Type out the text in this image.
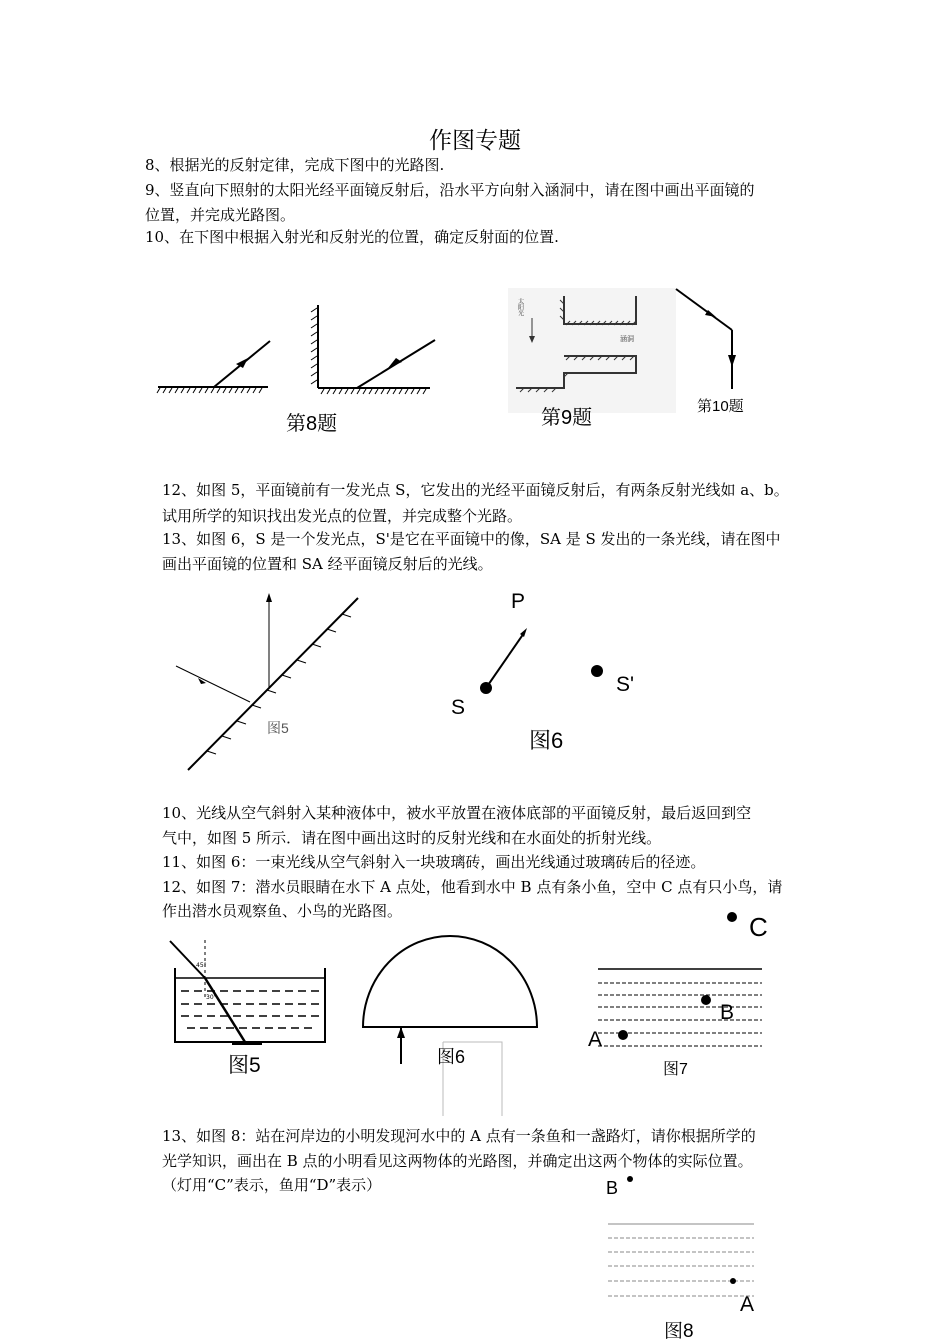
作图专题
8、根据光的反射定律，完成下图中的光路图.
9、竖直向下照射的太阳光经平面镜反射后，沿水平方向射入涵洞中，请在图中画出平面镜的
位置，并完成光路图。
10、在下图中根据入射光和反射光的位置，确定反射面的位置.
第8题
太阳光
涵洞
第9题
第10题
12、如图 5，平面镜前有一发光点 S，它发出的光经平面镜反射后，有两条反射光线如 a、b。
试用所学的知识找出发光点的位置，并完成整个光路。
13、如图 6，S 是一个发光点，S'是它在平面镜中的像，SA 是 S 发出的一条光线，请在图中
画出平面镜的位置和 SA 经平面镜反射后的光线。
图5
P
S
S'
图6
10、光线从空气斜射入某种液体中，被水平放置在液体底部的平面镜反射，最后返回到空
气中，如图 5 所示．请在图中画出这时的反射光线和在水面处的折射光线。
11、如图 6：一束光线从空气斜射入一块玻璃砖，画出光线通过玻璃砖后的径迹。
12、如图 7：潜水员眼睛在水下 A 点处，他看到水中 B 点有条小鱼，空中 C 点有只小鸟，请
作出潜水员观察鱼、小鸟的光路图。
45°
30°
图5	图6
C
B
A
图7
13、如图 8：站在河岸边的小明发现河水中的 A 点有一条鱼和一盏路灯，请你根据所学的
光学知识，画出在 B 点的小明看见这两物体的光路图，并确定出这两个物体的实际位置。
（灯用“C”表示，鱼用“D”表示）	B
A
图8
